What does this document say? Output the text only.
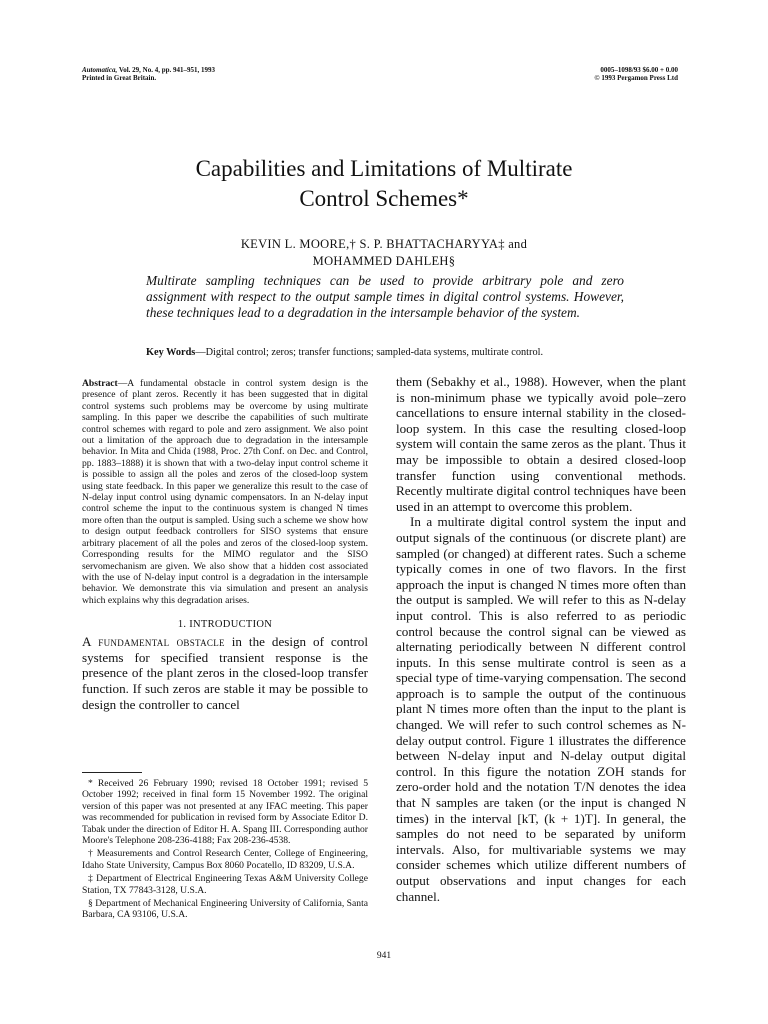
Automatica, Vol. 29, No. 4, pp. 941–951, 1993
Printed in Great Britain.
0005–1098/93 $6.00 + 0.00
© 1993 Pergamon Press Ltd
Capabilities and Limitations of Multirate
Control Schemes*
KEVIN L. MOORE,† S. P. BHATTACHARYYA‡ and
MOHAMMED DAHLEH§
Multirate sampling techniques can be used to provide arbitrary pole and zero assignment with respect to the output sample times in digital control systems. However, these techniques lead to a degradation in the intersample behavior of the system.
Key Words—Digital control; zeros; transfer functions; sampled-data systems, multirate control.

Abstract—A fundamental obstacle in control system design is the presence of plant zeros. Recently it has been suggested that in digital control systems such problems may be overcome by using multirate sampling. In this paper we describe the capabilities of such multirate control schemes with regard to pole and zero assignment. We also point out a limitation of the approach due to degradation in the intersample behavior. In Mita and Chida (1988, Proc. 27th Conf. on Dec. and Control, pp. 1883–1888) it is shown that with a two-delay input control scheme it is possible to assign all the poles and zeros of the closed-loop system using state feedback. In this paper we generalize this result to the case of N-delay input control using dynamic compensators. In an N-delay input control scheme the input to the continuous system is changed N times more often than the output is sampled. Using such a scheme we show how to design output feedback controllers for SISO systems that ensure arbitrary placement of all the poles and zeros of the closed-loop system. Corresponding results for the MIMO regulator and the SISO servomechanism are given. We also show that a hidden cost associated with the use of N-delay input control is a degradation in the intersample behavior. We demonstrate this via simulation and present an analysis which explains why this degradation arises.

1. INTRODUCTION

A fundamental obstacle in the design of control systems for specified transient response is the presence of the plant zeros in the closed-loop transfer function. If such zeros are stable it may be possible to design the controller to cancel

them (Sebakhy et al., 1988). However, when the plant is non-minimum phase we typically avoid pole–zero cancellations to ensure internal stability in the closed-loop system. In this case the resulting closed-loop system will contain the same zeros as the plant. Thus it may be impossible to obtain a desired closed-loop transfer function using conventional methods. Recently multirate digital control techniques have been used in an attempt to overcome this problem.

In a multirate digital control system the input and output signals of the continuous (or discrete plant) are sampled (or changed) at different rates. Such a scheme typically comes in one of two flavors. In the first approach the input is changed N times more often than the output is sampled. We will refer to this as N-delay input control. This is also referred to as periodic control because the control signal can be viewed as alternating periodically between N different control inputs. In this sense multirate control is seen as a special type of time-varying compensation. The second approach is to sample the output of the continuous plant N times more often than the input to the plant is changed. We will refer to such control schemes as N-delay output control. Figure 1 illustrates the difference between N-delay input and N-delay output digital control. In this figure the notation ZOH stands for zero-order hold and the notation T/N denotes the idea that N samples are taken (or the input is changed N times) in the interval [kT, (k + 1)T]. In general, the samples do not need to be separated by uniform intervals. Also, for multivariable systems we may consider schemes which utilize different numbers of output observations and input changes for each channel.

* Received 26 February 1990; revised 18 October 1991; revised 5 October 1992; received in final form 15 November 1992. The original version of this paper was not presented at any IFAC meeting. This paper was recommended for publication in revised form by Associate Editor D. Tabak under the direction of Editor H. A. Spang III. Corresponding author Moore's Telephone 208-236-4188; Fax 208-236-4538.

† Measurements and Control Research Center, College of Engineering, Idaho State University, Campus Box 8060 Pocatello, ID 83209, U.S.A.

‡ Department of Electrical Engineering Texas A&M University College Station, TX 77843-3128, U.S.A.

§ Department of Mechanical Engineering University of California, Santa Barbara, CA 93106, U.S.A.

941
